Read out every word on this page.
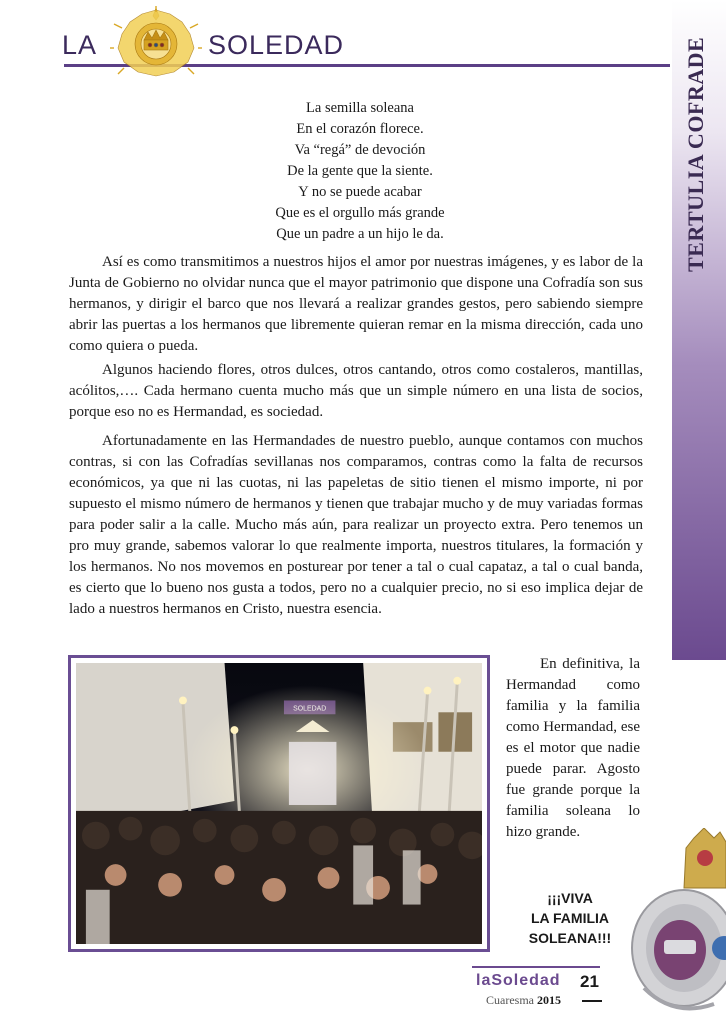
TERTULIA COFRADE
LA	SOLEDAD
La semilla soleana
En el corazón florece.
Va “regá” de devoción
De la gente que la siente.
Y no se puede acabar
Que es el orgullo más grande
Que un padre a un hijo le da.

Así es como transmitimos a nuestros hijos el amor por nuestras imágenes, y es labor de la Junta de Gobierno no olvidar nunca que el mayor patrimonio que dispone una Cofradía son sus hermanos, y dirigir el barco que nos llevará a realizar grandes gestos, pero sabiendo siempre abrir las puertas a los hermanos que libremente quieran remar en la misma dirección, cada uno como quiera o pueda.

Algunos haciendo flores, otros dulces, otros cantando, otros como costaleros, mantillas, acólitos,…. Cada hermano cuenta mucho más que un simple número en una lista de socios, porque eso no es Hermandad, es sociedad.

Afortunadamente en las Hermandades de nuestro pueblo, aunque contamos con muchos contras, si con las Cofradías sevillanas nos comparamos, contras como la falta de recursos económicos, ya que ni las cuotas, ni las papeletas de sitio tienen el mismo importe, ni por supuesto el mismo número de hermanos y tienen que trabajar mucho y de muy variadas formas para poder salir a la calle. Mucho más aún, para realizar un proyecto extra. Pero tenemos un pro muy grande, sabemos valorar lo que realmente importa, nuestros titulares, la formación y los hermanos. No nos movemos en posturear por tener a tal o cual capataz, a tal o cual banda, es cierto que lo bueno nos gusta a todos, pero no a cualquier precio, no si eso implica dejar de lado a nuestros hermanos en Cristo, nuestra esencia.

En definitiva, la Hermandad como familia y la familia como Hermandad, ese es el motor que nadie puede parar. Agosto fue grande porque la familia soleana lo hizo grande.

¡¡¡VIVA
LA FAMILIA
SOLEANA!!!
laSoledad 21
Cuaresma 2015
